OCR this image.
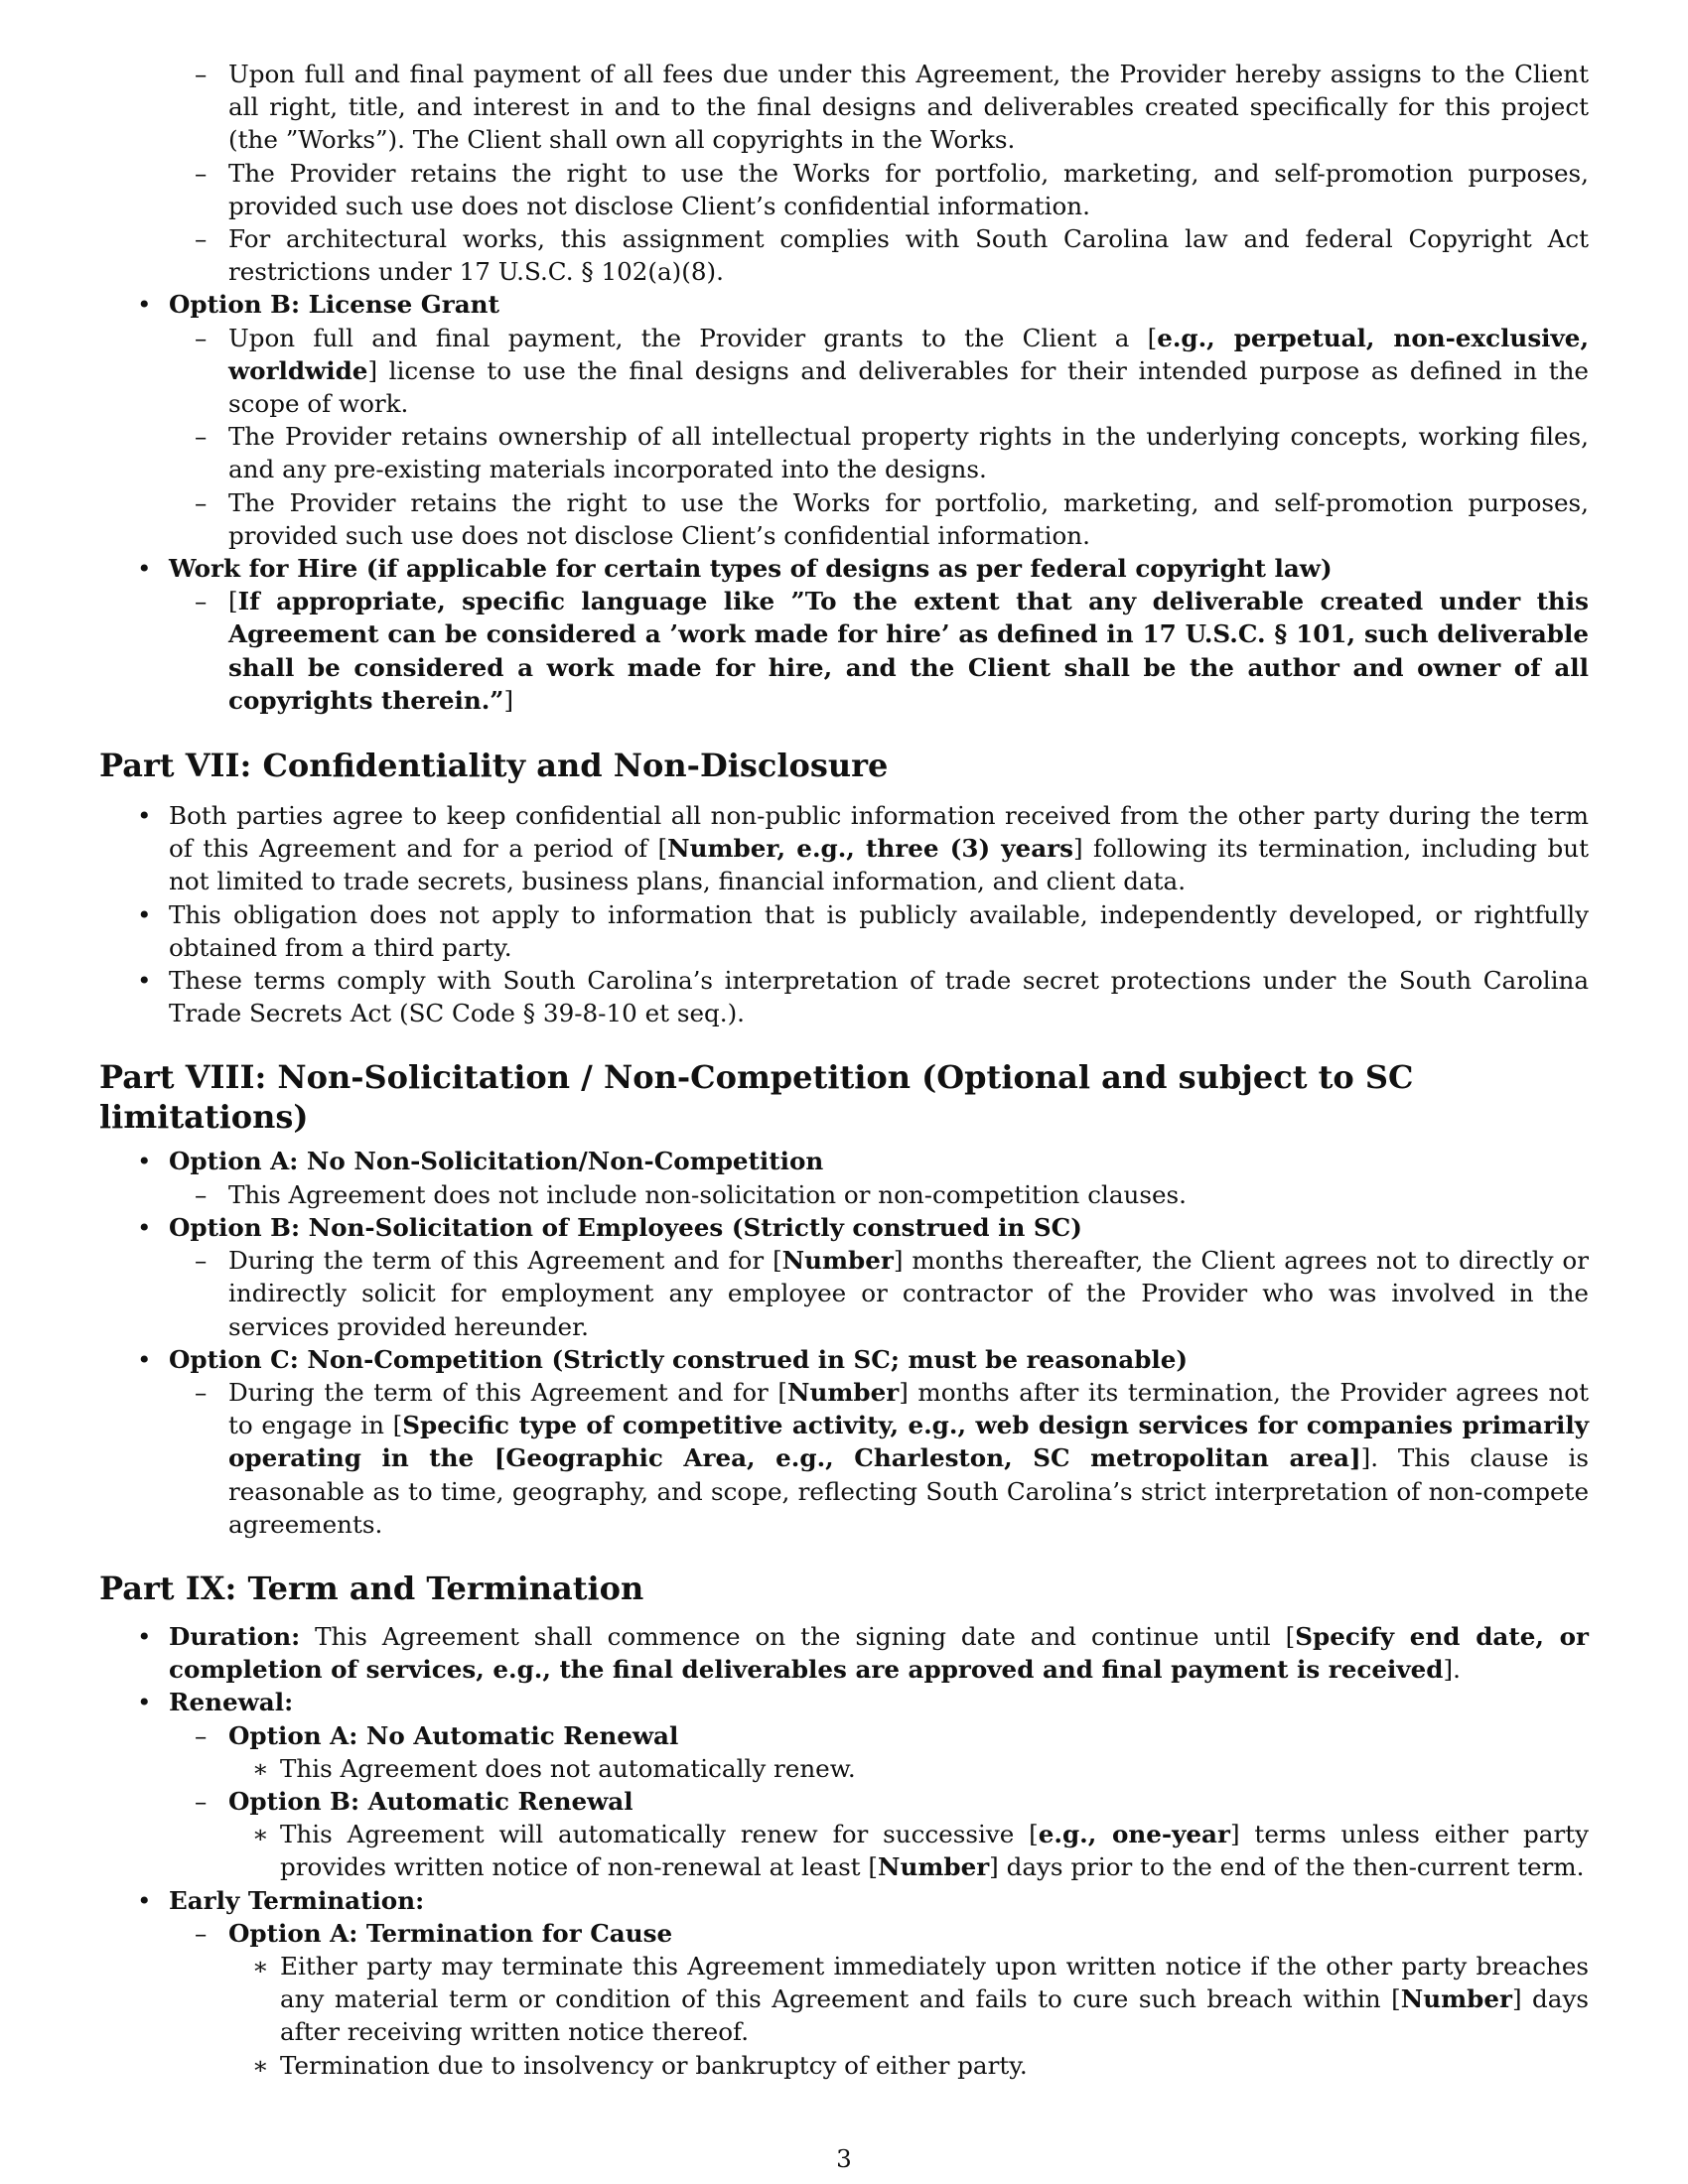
– Upon full and final payment of all fees due under this Agreement, the Provider hereby assigns to the Client all right, title, and interest in and to the final designs and deliverables created specifically for this project (the ”Works”). The Client shall own all copyrights in the Works.
– The Provider retains the right to use the Works for portfolio, marketing, and self-promotion purposes, provided such use does not disclose Client’s confidential information.
– For architectural works, this assignment complies with South Carolina law and federal Copyright Act restrictions under 17 U.S.C. § 102(a)(8).
• Option B: License Grant
– Upon full and final payment, the Provider grants to the Client a [e.g., perpetual, non-exclusive, worldwide] license to use the final designs and deliverables for their intended purpose as defined in the scope of work.
– The Provider retains ownership of all intellectual property rights in the underlying concepts, working files, and any pre-existing materials incorporated into the designs.
– The Provider retains the right to use the Works for portfolio, marketing, and self-promotion purposes, provided such use does not disclose Client’s confidential information.
• Work for Hire (if applicable for certain types of designs as per federal copyright law)
– [If appropriate, specific language like ”To the extent that any deliverable created under this Agreement can be considered a ’work made for hire’ as defined in 17 U.S.C. § 101, such deliverable shall be considered a work made for hire, and the Client shall be the author and owner of all copyrights therein.”]
Part VII: Confidentiality and Non-Disclosure
• Both parties agree to keep confidential all non-public information received from the other party during the term of this Agreement and for a period of [Number, e.g., three (3) years] following its termination, including but not limited to trade secrets, business plans, financial information, and client data.
• This obligation does not apply to information that is publicly available, independently developed, or rightfully obtained from a third party.
• These terms comply with South Carolina’s interpretation of trade secret protections under the South Carolina Trade Secrets Act (SC Code § 39-8-10 et seq.).
Part VIII: Non-Solicitation / Non-Competition (Optional and subject to SC limitations)
• Option A: No Non-Solicitation/Non-Competition
– This Agreement does not include non-solicitation or non-competition clauses.
• Option B: Non-Solicitation of Employees (Strictly construed in SC)
– During the term of this Agreement and for [Number] months thereafter, the Client agrees not to directly or indirectly solicit for employment any employee or contractor of the Provider who was involved in the services provided hereunder.
• Option C: Non-Competition (Strictly construed in SC; must be reasonable)
– During the term of this Agreement and for [Number] months after its termination, the Provider agrees not to engage in [Specific type of competitive activity, e.g., web design services for companies primarily operating in the [Geographic Area, e.g., Charleston, SC metropolitan area]]. This clause is reasonable as to time, geography, and scope, reflecting South Carolina’s strict interpretation of non-compete agreements.
Part IX: Term and Termination
• Duration: This Agreement shall commence on the signing date and continue until [Specify end date, or completion of services, e.g., the final deliverables are approved and final payment is received].
• Renewal:
– Option A: No Automatic Renewal
∗ This Agreement does not automatically renew.
– Option B: Automatic Renewal
∗ This Agreement will automatically renew for successive [e.g., one-year] terms unless either party provides written notice of non-renewal at least [Number] days prior to the end of the then-current term.
• Early Termination:
– Option A: Termination for Cause
∗ Either party may terminate this Agreement immediately upon written notice if the other party breaches any material term or condition of this Agreement and fails to cure such breach within [Number] days after receiving written notice thereof.
∗ Termination due to insolvency or bankruptcy of either party.
3
